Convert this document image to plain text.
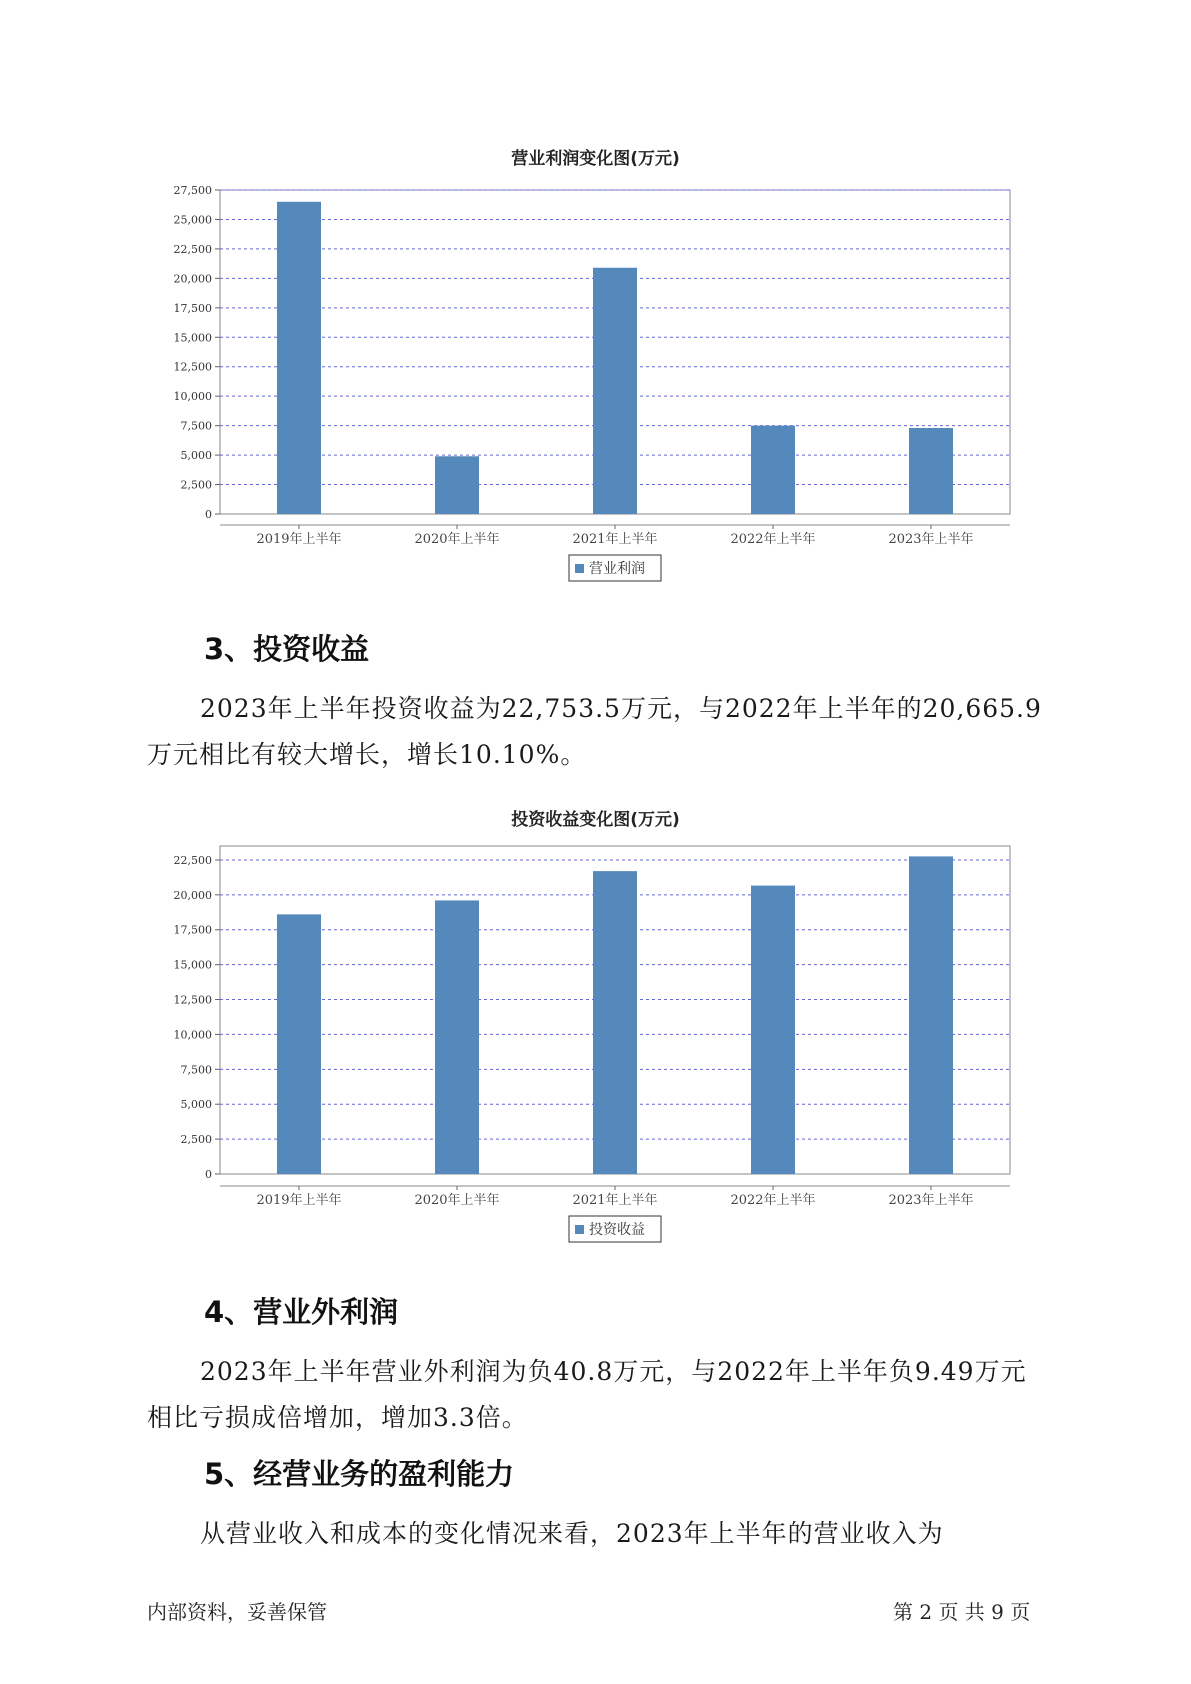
营业利润变化图(万元)
0
2,500
5,000
7,500
10,000
12,500
15,000
17,500
20,000
22,500
25,000
27,500
2019年上半年	2020年上半年	2021年上半年	2022年上半年	2023年上半年
营业利润
3、投资收益
2023年上半年投资收益为22,753.5万元，与2022年上半年的20,665.9
万元相比有较大增长，增长10.10%。
投资收益变化图(万元)
0
2,500
5,000
7,500
10,000
12,500
15,000
17,500
20,000
22,500
2019年上半年	2020年上半年	2021年上半年	2022年上半年	2023年上半年
投资收益
4、营业外利润
2023年上半年营业外利润为负40.8万元，与2022年上半年负9.49万元
相比亏损成倍增加，增加3.3倍。
5、经营业务的盈利能力
从营业收入和成本的变化情况来看，2023年上半年的营业收入为
内部资料，妥善保管	第 2 页 共 9 页
